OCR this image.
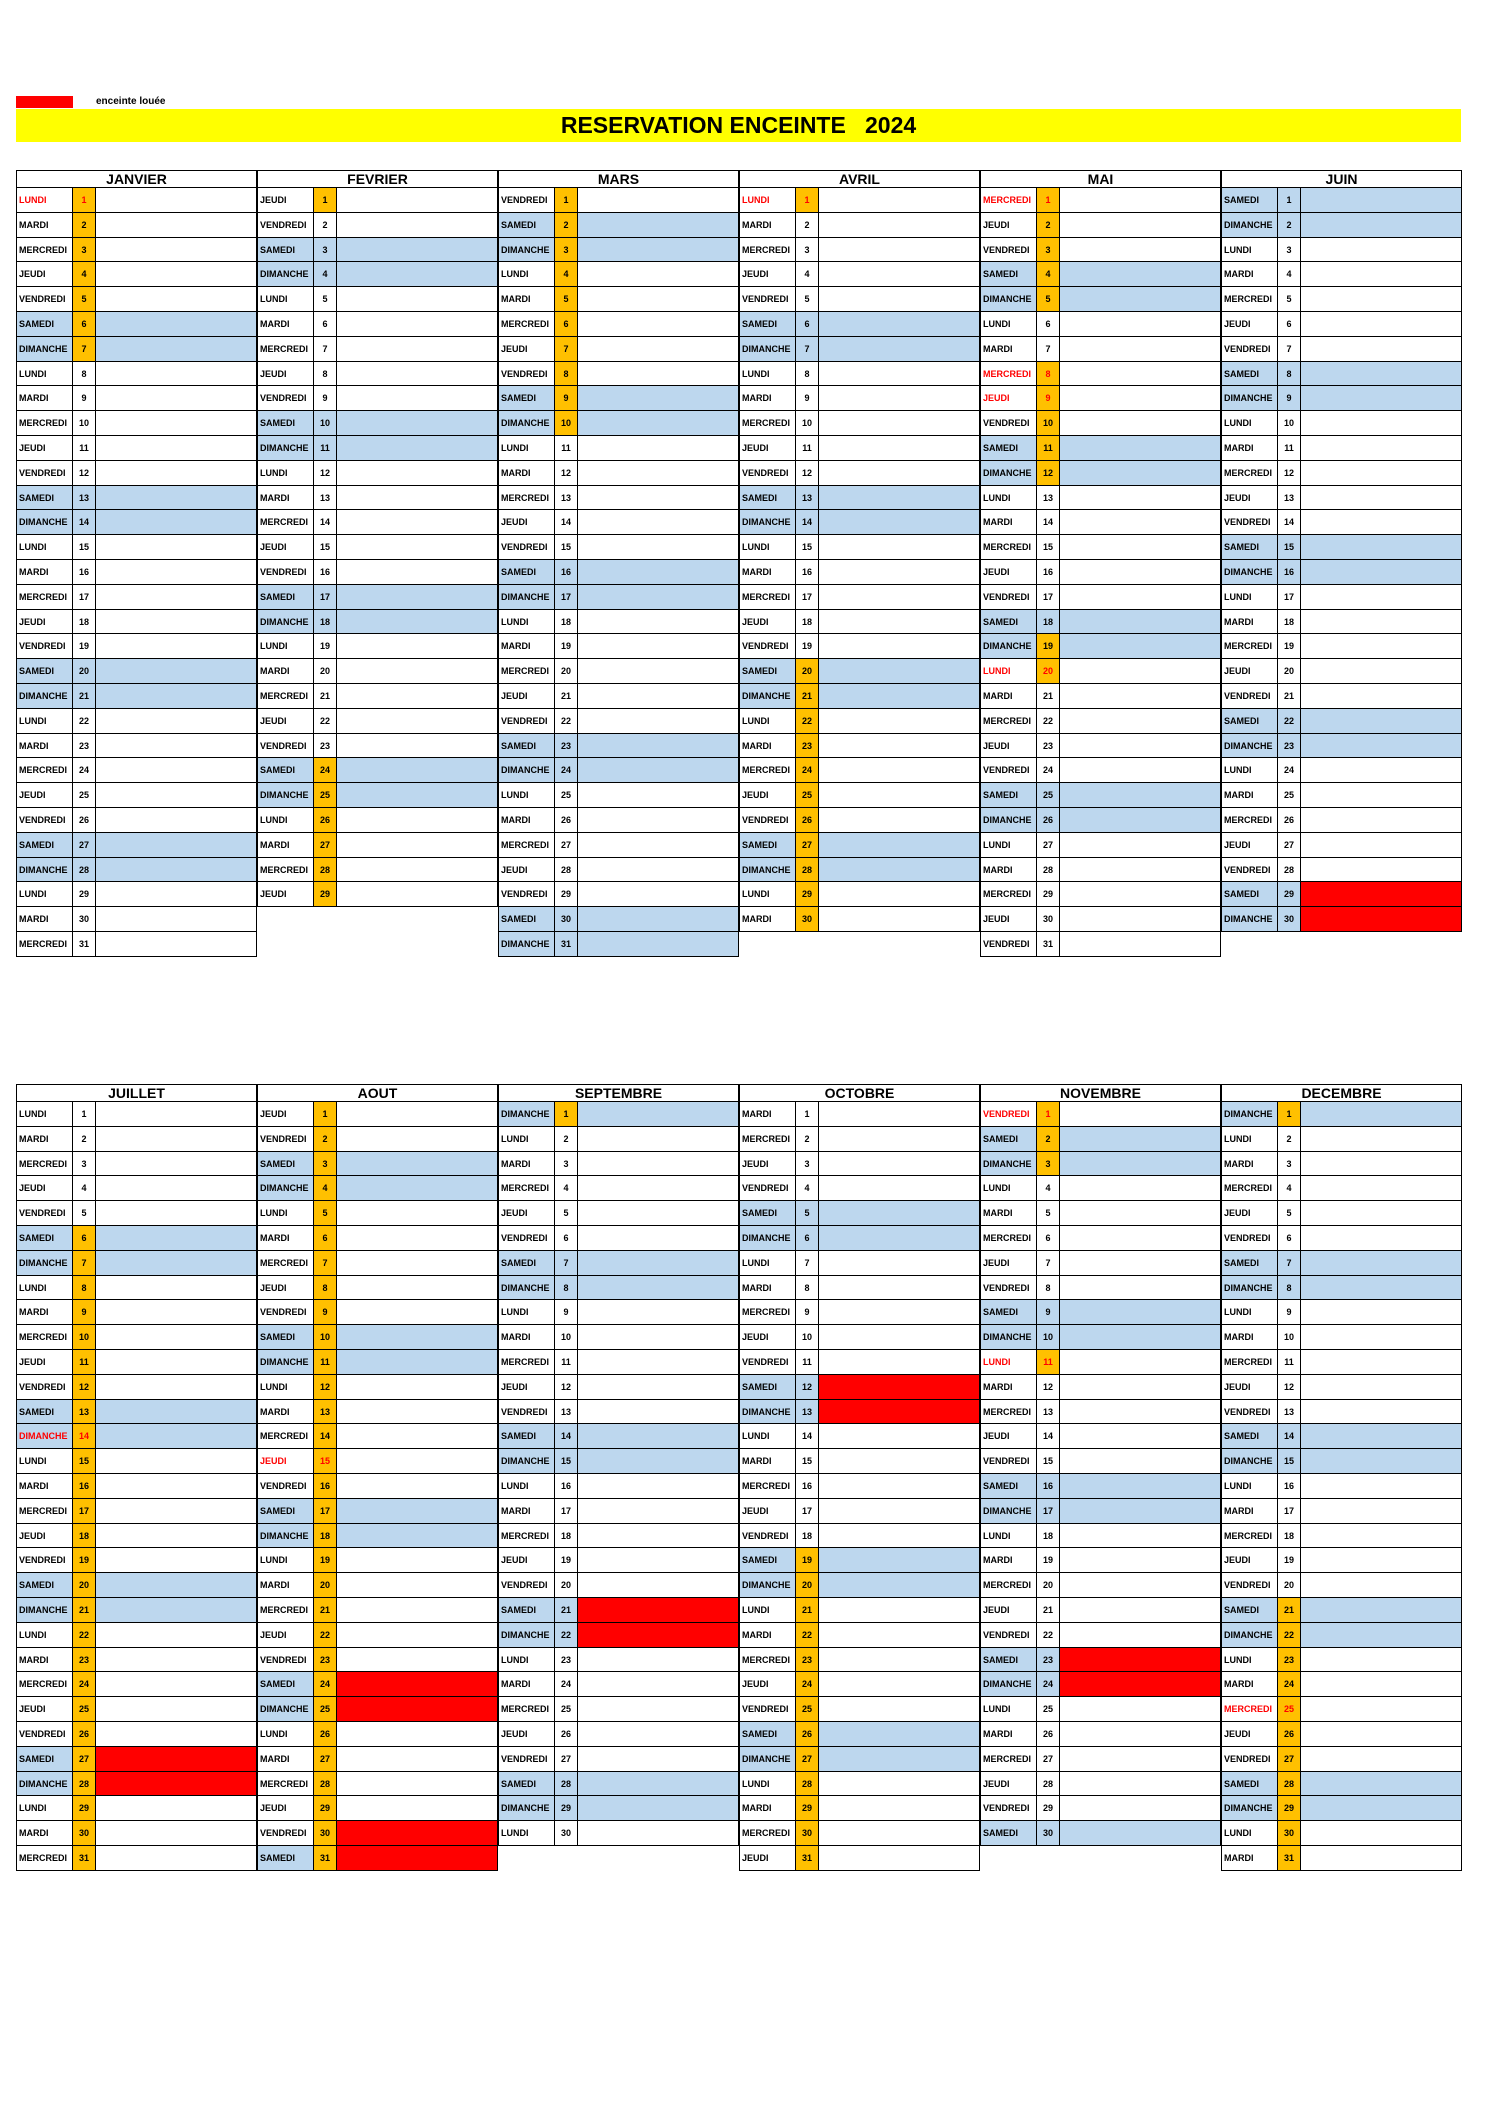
enceinte louée
RESERVATION ENCEINTE   2024
JANVIER
LUNDI	1
MARDI	2
MERCREDI	3
JEUDI	4
VENDREDI	5
SAMEDI	6
DIMANCHE	7
LUNDI	8
MARDI	9
MERCREDI	10
JEUDI	11
VENDREDI	12
SAMEDI	13
DIMANCHE	14
LUNDI	15
MARDI	16
MERCREDI	17
JEUDI	18
VENDREDI	19
SAMEDI	20
DIMANCHE	21
LUNDI	22
MARDI	23
MERCREDI	24
JEUDI	25
VENDREDI	26
SAMEDI	27
DIMANCHE	28
LUNDI	29
MARDI	30
MERCREDI	31
FEVRIER
JEUDI	1
VENDREDI	2
SAMEDI	3
DIMANCHE	4
LUNDI	5
MARDI	6
MERCREDI	7
JEUDI	8
VENDREDI	9
SAMEDI	10
DIMANCHE	11
LUNDI	12
MARDI	13
MERCREDI	14
JEUDI	15
VENDREDI	16
SAMEDI	17
DIMANCHE	18
LUNDI	19
MARDI	20
MERCREDI	21
JEUDI	22
VENDREDI	23
SAMEDI	24
DIMANCHE	25
LUNDI	26
MARDI	27
MERCREDI	28
JEUDI	29
MARS
VENDREDI	1
SAMEDI	2
DIMANCHE	3
LUNDI	4
MARDI	5
MERCREDI	6
JEUDI	7
VENDREDI	8
SAMEDI	9
DIMANCHE	10
LUNDI	11
MARDI	12
MERCREDI	13
JEUDI	14
VENDREDI	15
SAMEDI	16
DIMANCHE	17
LUNDI	18
MARDI	19
MERCREDI	20
JEUDI	21
VENDREDI	22
SAMEDI	23
DIMANCHE	24
LUNDI	25
MARDI	26
MERCREDI	27
JEUDI	28
VENDREDI	29
SAMEDI	30
DIMANCHE	31
AVRIL
LUNDI	1
MARDI	2
MERCREDI	3
JEUDI	4
VENDREDI	5
SAMEDI	6
DIMANCHE	7
LUNDI	8
MARDI	9
MERCREDI	10
JEUDI	11
VENDREDI	12
SAMEDI	13
DIMANCHE	14
LUNDI	15
MARDI	16
MERCREDI	17
JEUDI	18
VENDREDI	19
SAMEDI	20
DIMANCHE	21
LUNDI	22
MARDI	23
MERCREDI	24
JEUDI	25
VENDREDI	26
SAMEDI	27
DIMANCHE	28
LUNDI	29
MARDI	30
MAI
MERCREDI	1
JEUDI	2
VENDREDI	3
SAMEDI	4
DIMANCHE	5
LUNDI	6
MARDI	7
MERCREDI	8
JEUDI	9
VENDREDI	10
SAMEDI	11
DIMANCHE	12
LUNDI	13
MARDI	14
MERCREDI	15
JEUDI	16
VENDREDI	17
SAMEDI	18
DIMANCHE	19
LUNDI	20
MARDI	21
MERCREDI	22
JEUDI	23
VENDREDI	24
SAMEDI	25
DIMANCHE	26
LUNDI	27
MARDI	28
MERCREDI	29
JEUDI	30
VENDREDI	31
JUIN
SAMEDI	1
DIMANCHE	2
LUNDI	3
MARDI	4
MERCREDI	5
JEUDI	6
VENDREDI	7
SAMEDI	8
DIMANCHE	9
LUNDI	10
MARDI	11
MERCREDI	12
JEUDI	13
VENDREDI	14
SAMEDI	15
DIMANCHE	16
LUNDI	17
MARDI	18
MERCREDI	19
JEUDI	20
VENDREDI	21
SAMEDI	22
DIMANCHE	23
LUNDI	24
MARDI	25
MERCREDI	26
JEUDI	27
VENDREDI	28
SAMEDI	29
DIMANCHE	30
JUILLET
LUNDI	1
MARDI	2
MERCREDI	3
JEUDI	4
VENDREDI	5
SAMEDI	6
DIMANCHE	7
LUNDI	8
MARDI	9
MERCREDI	10
JEUDI	11
VENDREDI	12
SAMEDI	13
DIMANCHE	14
LUNDI	15
MARDI	16
MERCREDI	17
JEUDI	18
VENDREDI	19
SAMEDI	20
DIMANCHE	21
LUNDI	22
MARDI	23
MERCREDI	24
JEUDI	25
VENDREDI	26
SAMEDI	27
DIMANCHE	28
LUNDI	29
MARDI	30
MERCREDI	31
AOUT
JEUDI	1
VENDREDI	2
SAMEDI	3
DIMANCHE	4
LUNDI	5
MARDI	6
MERCREDI	7
JEUDI	8
VENDREDI	9
SAMEDI	10
DIMANCHE	11
LUNDI	12
MARDI	13
MERCREDI	14
JEUDI	15
VENDREDI	16
SAMEDI	17
DIMANCHE	18
LUNDI	19
MARDI	20
MERCREDI	21
JEUDI	22
VENDREDI	23
SAMEDI	24
DIMANCHE	25
LUNDI	26
MARDI	27
MERCREDI	28
JEUDI	29
VENDREDI	30
SAMEDI	31
SEPTEMBRE
DIMANCHE	1
LUNDI	2
MARDI	3
MERCREDI	4
JEUDI	5
VENDREDI	6
SAMEDI	7
DIMANCHE	8
LUNDI	9
MARDI	10
MERCREDI	11
JEUDI	12
VENDREDI	13
SAMEDI	14
DIMANCHE	15
LUNDI	16
MARDI	17
MERCREDI	18
JEUDI	19
VENDREDI	20
SAMEDI	21
DIMANCHE	22
LUNDI	23
MARDI	24
MERCREDI	25
JEUDI	26
VENDREDI	27
SAMEDI	28
DIMANCHE	29
LUNDI	30
OCTOBRE
MARDI	1
MERCREDI	2
JEUDI	3
VENDREDI	4
SAMEDI	5
DIMANCHE	6
LUNDI	7
MARDI	8
MERCREDI	9
JEUDI	10
VENDREDI	11
SAMEDI	12
DIMANCHE	13
LUNDI	14
MARDI	15
MERCREDI	16
JEUDI	17
VENDREDI	18
SAMEDI	19
DIMANCHE	20
LUNDI	21
MARDI	22
MERCREDI	23
JEUDI	24
VENDREDI	25
SAMEDI	26
DIMANCHE	27
LUNDI	28
MARDI	29
MERCREDI	30
JEUDI	31
NOVEMBRE
VENDREDI	1
SAMEDI	2
DIMANCHE	3
LUNDI	4
MARDI	5
MERCREDI	6
JEUDI	7
VENDREDI	8
SAMEDI	9
DIMANCHE	10
LUNDI	11
MARDI	12
MERCREDI	13
JEUDI	14
VENDREDI	15
SAMEDI	16
DIMANCHE	17
LUNDI	18
MARDI	19
MERCREDI	20
JEUDI	21
VENDREDI	22
SAMEDI	23
DIMANCHE	24
LUNDI	25
MARDI	26
MERCREDI	27
JEUDI	28
VENDREDI	29
SAMEDI	30
DECEMBRE
DIMANCHE	1
LUNDI	2
MARDI	3
MERCREDI	4
JEUDI	5
VENDREDI	6
SAMEDI	7
DIMANCHE	8
LUNDI	9
MARDI	10
MERCREDI	11
JEUDI	12
VENDREDI	13
SAMEDI	14
DIMANCHE	15
LUNDI	16
MARDI	17
MERCREDI	18
JEUDI	19
VENDREDI	20
SAMEDI	21
DIMANCHE	22
LUNDI	23
MARDI	24
MERCREDI	25
JEUDI	26
VENDREDI	27
SAMEDI	28
DIMANCHE	29
LUNDI	30
MARDI	31
